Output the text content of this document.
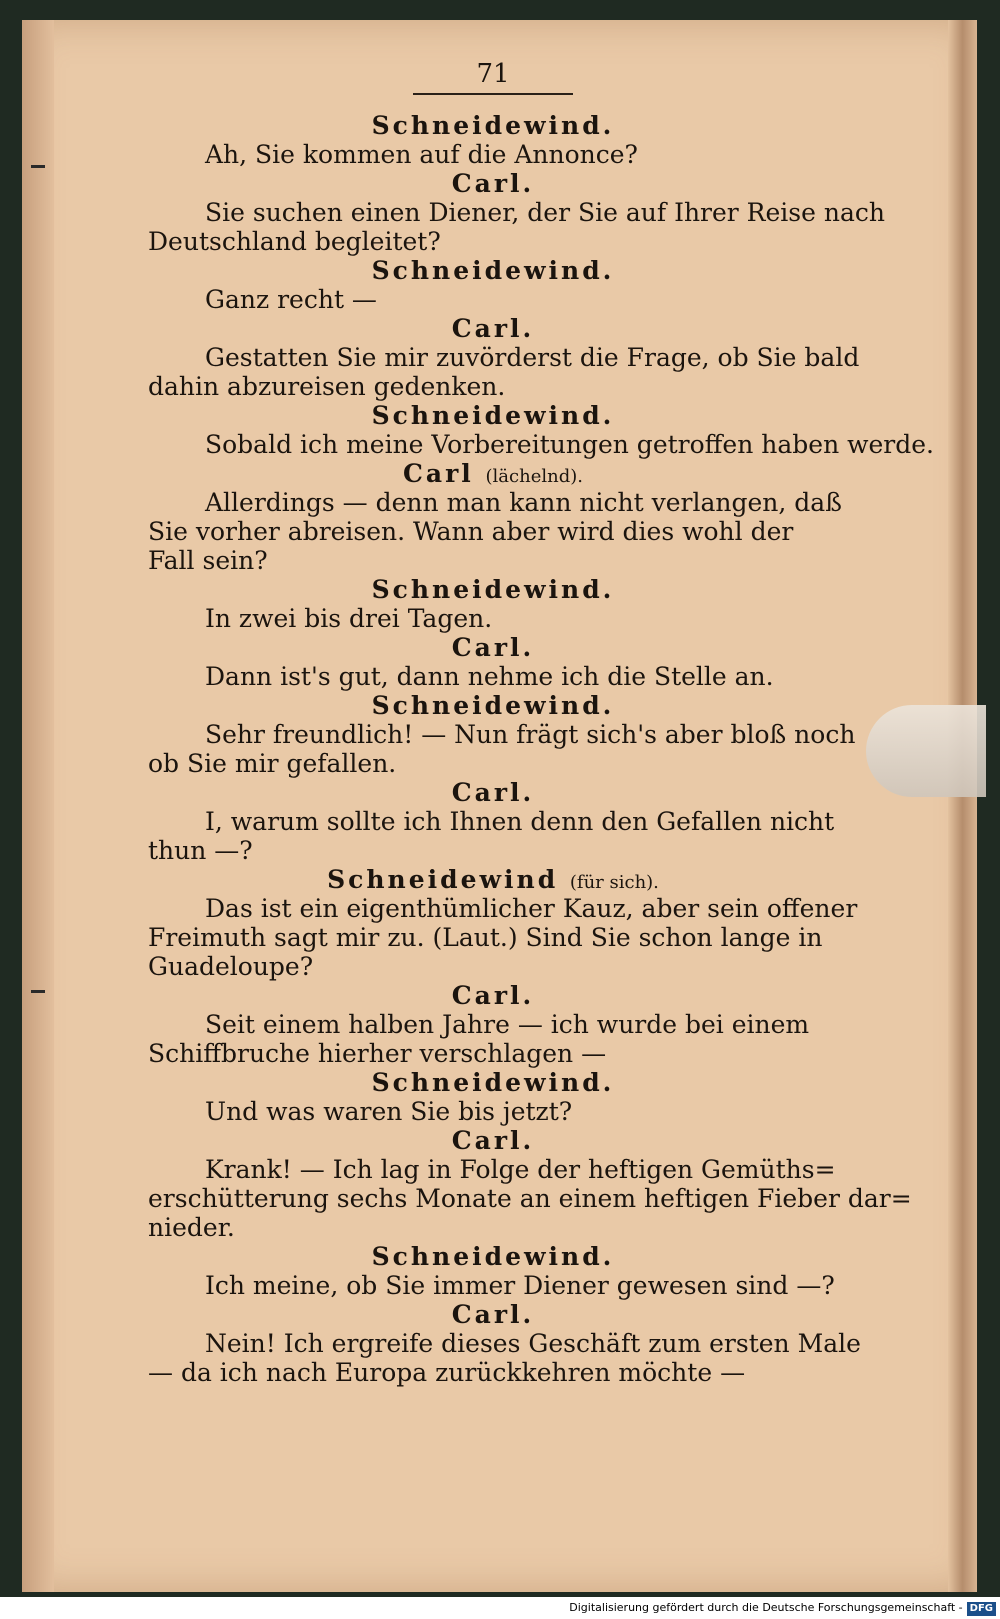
71
Schneidewind.
Ah, Sie kommen auf die Annonce?
Carl.
Sie suchen einen Diener, der Sie auf Ihrer Reise nach
Deutschland begleitet?
Schneidewind.
Ganz recht —
Carl.
Gestatten Sie mir zuvörderst die Frage, ob Sie bald
dahin abzureisen gedenken.
Schneidewind.
Sobald ich meine Vorbereitungen getroffen haben werde.
Carl (lächelnd).
Allerdings — denn man kann nicht verlangen, daß
Sie vorher abreisen. Wann aber wird dies wohl der
Fall sein?
Schneidewind.
In zwei bis drei Tagen.
Carl.
Dann ist's gut, dann nehme ich die Stelle an.
Schneidewind.
Sehr freundlich! — Nun frägt sich's aber bloß noch
ob Sie mir gefallen.
Carl.
I, warum sollte ich Ihnen denn den Gefallen nicht
thun —?
Schneidewind (für sich).
Das ist ein eigenthümlicher Kauz, aber sein offener
Freimuth sagt mir zu. (Laut.) Sind Sie schon lange in
Guadeloupe?
Carl.
Seit einem halben Jahre — ich wurde bei einem
Schiffbruche hierher verschlagen —
Schneidewind.
Und was waren Sie bis jetzt?
Carl.
Krank! — Ich lag in Folge der heftigen Gemüths=
erschütterung sechs Monate an einem heftigen Fieber dar=
nieder.
Schneidewind.
Ich meine, ob Sie immer Diener gewesen sind —?
Carl.
Nein! Ich ergreife dieses Geschäft zum ersten Male
— da ich nach Europa zurückkehren möchte —
Digitalisierung gefördert durch die Deutsche Forschungsgemeinschaft - DFG
